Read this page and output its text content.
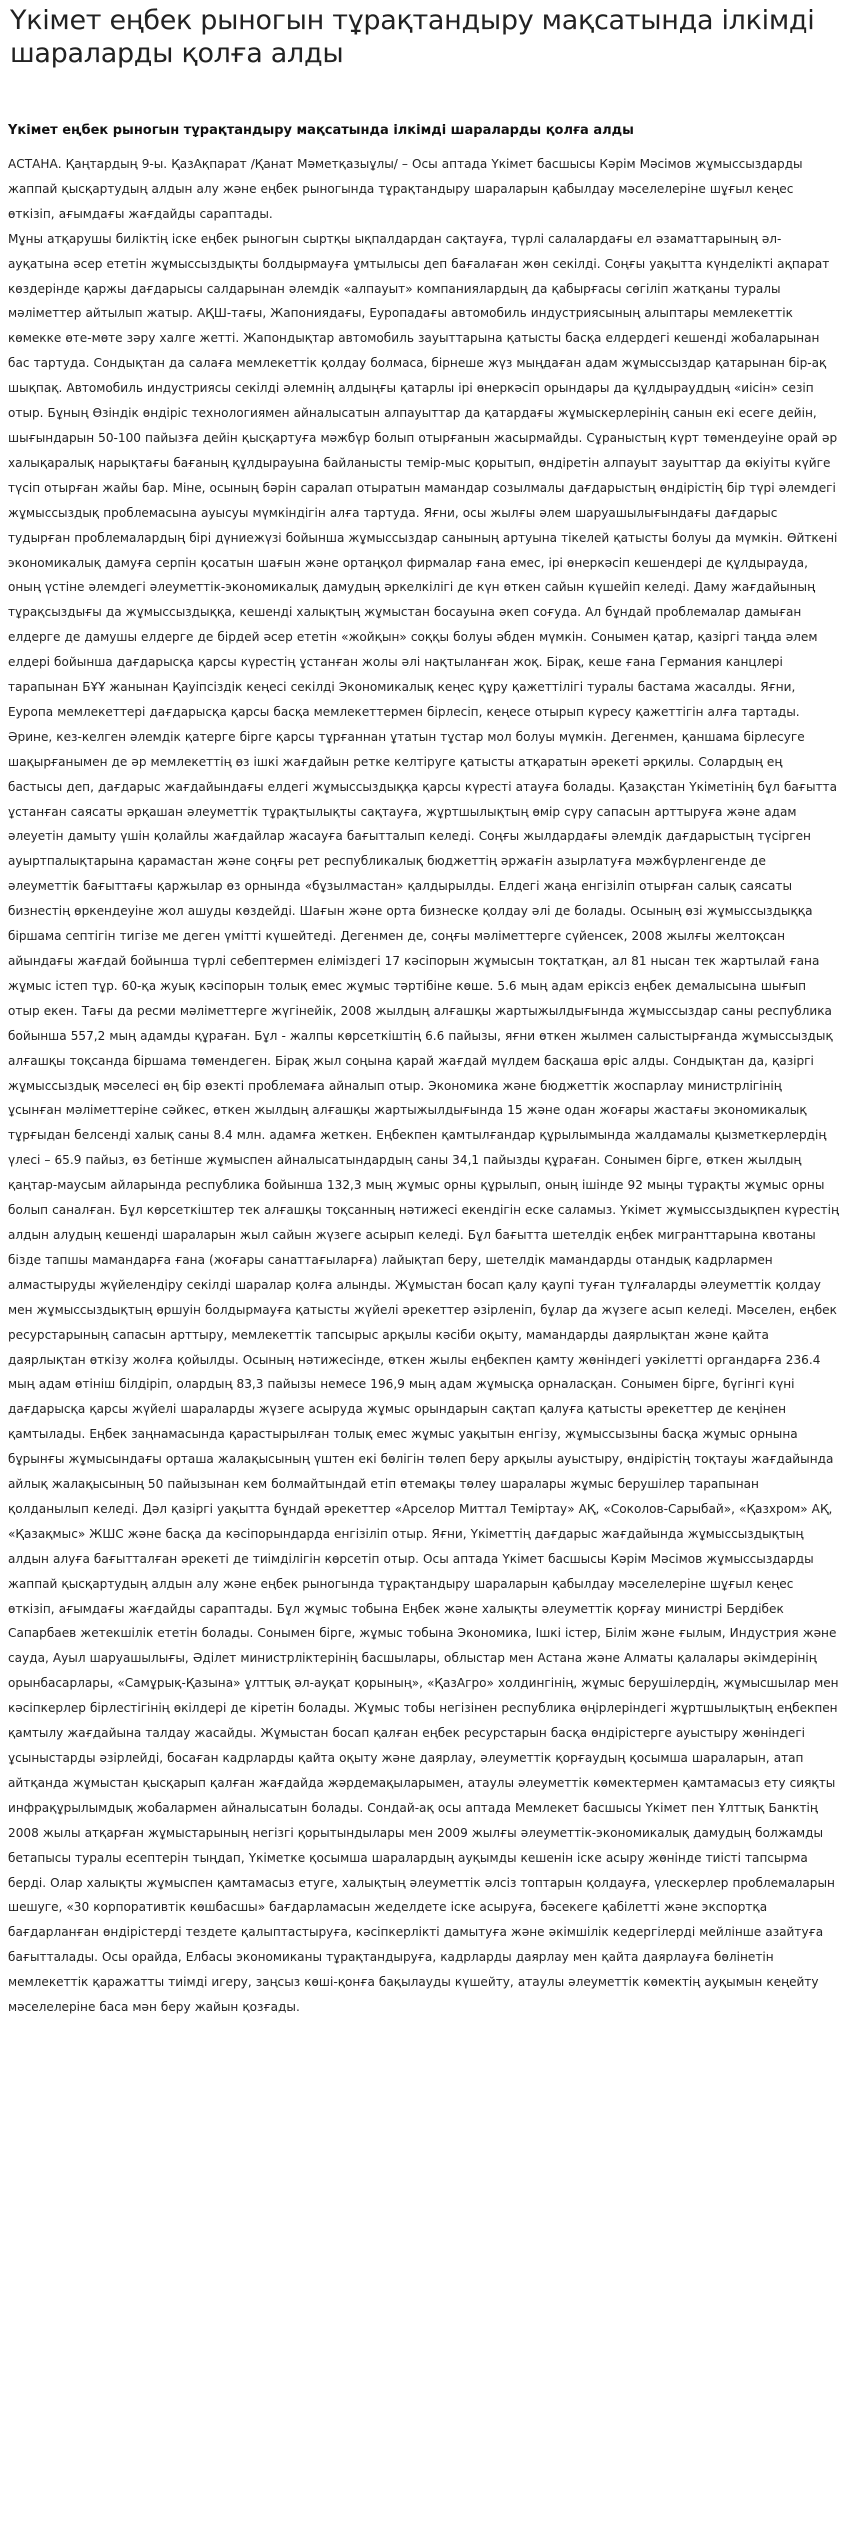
Үкімет еңбек рыногын тұрақтандыру мақсатында ілкімді шараларды қолға алды
Үкімет еңбек рыногын тұрақтандыру мақсатында ілкімді шараларды қолға алды

АСТАНА. Қаңтардың 9-ы. ҚазАқпарат /Қанат Мәметқазыұлы/ – Осы аптада Үкімет басшысы Кәрім Мәсімов жұмыссыздарды жаппай қысқартудың алдын алу және еңбек рыногында тұрақтандыру шараларын қабылдау мәселелеріне шұғыл кеңес өткізіп, ағымдағы жағдайды сараптады.

Мұны атқарушы биліктің іске еңбек рыногын сыртқы ықпалдардан сақтауға, түрлі салалардағы ел әзаматтарының әл-ауқатына әсер ететін жұмыссыздықты болдырмауға ұмтылысы деп бағалаған жөн секілді. Соңғы уақытта күнделікті ақпарат көздерінде қаржы дағдарысы салдарынан әлемдік «алпауыт» компаниялардың да қабырғасы сөгіліп жатқаны туралы мәліметтер айтылып жатыр. АҚШ-тағы, Жапониядағы, Еуропадағы автомобиль индустриясының алыптары мемлекеттік көмекке өте-мөте зәру халге жетті. Жапондықтар автомобиль зауыттарына қатысты басқа елдердегі кешенді жобаларынан бас тартуда. Сондықтан да салаға мемлекеттік қолдау болмаса, бірнеше жүз мыңдаған адам жұмыссыздар қатарынан бір-ақ шықпақ. Автомобиль индустриясы секілді әлемнің алдыңғы қатарлы ірі өнеркәсіп орындары да құлдырауддың «иісін» сезіп отыр. Бұның Өзіндік өндіріс технологиямен айналысатын алпауыттар да қатардағы жұмыскерлерінің санын екі есеге дейін, шығындарын 50-100 пайызға дейін қысқартуға мәжбүр болып отырғанын жасырмайды. Сұраныстың күрт төмендеуіне орай әр халықаралық нарықтағы бағаның құлдырауына байланысты темір-мыс қорытып, өндіретін алпауыт зауыттар да өкіуіты күйге түсіп отырған жайы бар. Міне, осының бәрін саралап отыратын мамандар созылмалы дағдарыстың өндірістің бір түрі әлемдегі жұмыссыздық проблемасына ауысуы мүмкіндігін алға тартуда. Яғни, осы жылғы әлем шаруашылығындағы дағдарыс тудырған проблемалардың бірі дүниежүзі бойынша жұмыссыздар санының артуына тікелей қатысты болуы да мүмкін. Өйткені экономикалық дамуға серпін қосатын шағын және ортаңқол фирмалар ғана емес, ірі өнеркәсіп кешендері де құлдырауда, оның үстіне әлемдегі әлеуметтік-экономикалық дамудың әркелкілігі де күн өткен сайын күшейіп келеді. Даму жағдайының тұрақсыздығы да жұмыссыздыққа, кешенді халықтың жұмыстан босауына әкеп соғуда. Ал бұндай проблемалар дамыған елдерге де дамушы елдерге де бірдей әсер ететін «жойқын» соққы болуы әбден мүмкін. Сонымен қатар, қазіргі таңда әлем елдері бойынша дағдарысқа қарсы күрестің ұстанған жолы әлі нақтыланған жоқ. Бірақ, кеше ғана Германия канцлері тарапынан БҰҰ жанынан Қауіпсіздік кеңесі секілді Экономикалық кеңес құру қажеттілігі туралы бастама жасалды. Яғни, Еуропа мемлекеттері дағдарысқа қарсы басқа мемлекеттермен бірлесіп, кеңесе отырып күресу қажеттігін алға тартады. Әрине, кез-келген әлемдік қатерге бірге қарсы тұрғаннан ұтатын тұстар мол болуы мүмкін. Дегенмен, қаншама бірлесуге шақырғанымен де әр мемлекеттің өз ішкі жағдайын ретке келтіруге қатысты атқаратын әрекеті әрқилы. Солардың ең бастысы деп, дағдарыс жағдайындағы елдегі жұмыссыздыққа қарсы күресті атауға болады. Қазақстан Үкіметінің бұл бағытта ұстанған саясаты әрқашан әлеуметтік тұрақтылықты сақтауға, жұртшылықтың өмір сүру сапасын арттыруға және адам әлеуетін дамыту үшін қолайлы жағдайлар жасауға бағытталып келеді. Соңғы жылдардағы әлемдік дағдарыстың түсірген ауыртпалықтарына қарамастан және соңғы рет республикалық бюджеттің әржағін азырлатуға мәжбүрленгенде де әлеуметтік бағыттағы қаржылар өз орнында «бұзылмастан» қалдырылды. Елдегі жаңа енгізіліп отырған салық саясаты бизнестің өркендеуіне жол ашуды көздейді. Шағын және орта бизнеске қолдау әлі де болады. Осының өзі жұмыссыздыққа біршама септігін тигізе ме деген үмітті күшейтеді. Дегенмен де, соңғы мәліметтерге сүйенсек, 2008 жылғы желтоқсан айындағы жағдай бойынша түрлі себептермен еліміздегі 17 кәсіпорын жұмысын тоқтатқан, ал 81 нысан тек жартылай ғана жұмыс істеп тұр. 60-қа жуық кәсіпорын толық емес жұмыс тәртібіне көше. 5.6 мың адам еріксіз еңбек демалысына шығып отыр екен. Тағы да ресми мәліметтерге жүгінейік, 2008 жылдың алғашқы жартыжылдығында жұмыссыздар саны республика бойынша 557,2 мың адамды құраған. Бұл - жалпы көрсеткіштің 6.6 пайызы, яғни өткен жылмен салыстырғанда жұмыссыздық алғашқы тоқсанда біршама төмендеген. Бірақ жыл соңына қарай жағдай мүлдем басқаша өріс алды. Сондықтан да, қазіргі жұмыссыздық мәселесі өң бір өзекті проблемаға айналып отыр. Экономика және бюджеттік жоспарлау министрлігінің ұсынған мәліметтеріне сәйкес, өткен жылдың алғашқы жартыжылдығында 15 және одан жоғары жастағы экономикалық тұрғыдан белсенді халық саны 8.4 млн. адамға жеткен. Еңбекпен қамтылғандар құрылымында жалдамалы қызметкерлердің үлесі – 65.9 пайыз, өз бетінше жұмыспен айналысатындардың саны 34,1 пайызды құраған. Сонымен бірге, өткен жылдың қаңтар-маусым айларында республика бойынша 132,3 мың жұмыс орны құрылып, оның ішінде 92 мыңы тұрақты жұмыс орны болып саналған. Бұл көрсеткіштер тек алғашқы тоқсанның нәтижесі екендігін еске саламыз. Үкімет жұмыссыздықпен күрестің алдын алудың кешенді шараларын жыл сайын жүзеге асырып келеді. Бұл бағытта шетелдік еңбек мигранттарына квотаны бізде тапшы мамандарға ғана (жоғары санаттағыларға) лайықтап беру, шетелдік мамандарды отандық кадрлармен алмастыруды жүйелендіру секілді шаралар қолға алынды. Жұмыстан босап қалу қаупі туған тұлғаларды әлеуметтік қолдау мен жұмыссыздықтың өршуін болдырмауға қатысты жүйелі әрекеттер әзірленіп, бұлар да жүзеге асып келеді. Мәселен, еңбек ресурстарының сапасын арттыру, мемлекеттік тапсырыс арқылы кәсіби оқыту, мамандарды даярлықтан және қайта даярлықтан өткізу жолға қойылды. Осының нәтижесінде, өткен жылы еңбекпен қамту жөніндегі уәкілетті органдарға 236.4 мың адам өтініш білдіріп, олардың 83,3 пайызы немесе 196,9 мың адам жұмысқа орналасқан. Сонымен бірге, бүгінгі күні дағдарысқа қарсы жүйелі шараларды жүзеге асыруда жұмыс орындарын сақтап қалуға қатысты әрекеттер де кеңінен қамтылады. Еңбек заңнамасында қарастырылған толық емес жұмыс уақытын енгізу, жұмыссызыны басқа жұмыс орнына бұрынғы жұмысындағы орташа жалақысының үштен екі бөлігін төлеп беру арқылы ауыстыру, өндірістің тоқтауы жағдайында айлық жалақысының 50 пайызынан кем болмайтындай етіп өтемақы төлеу шаралары жұмыс берушілер тарапынан қолданылып келеді. Дәл қазіргі уақытта бұндай әрекеттер «Арселор Миттал Теміртау» АҚ, «Соколов-Сарыбай», «Қазхром» АҚ, «Қазақмыс» ЖШС және басқа да кәсіпорындарда енгізіліп отыр. Яғни, Үкіметтің дағдарыс жағдайында жұмыссыздықтың алдын алуға бағытталған әрекеті де тиімділігін көрсетіп отыр. Осы аптада Үкімет басшысы Кәрім Мәсімов жұмыссыздарды жаппай қысқартудың алдын алу және еңбек рыногында тұрақтандыру шараларын қабылдау мәселелеріне шұғыл кеңес өткізіп, ағымдағы жағдайды сараптады. Бұл жұмыс тобына Еңбек және халықты әлеуметтік қорғау министрі Бердібек Сапарбаев жетекшілік ететін болады. Сонымен бірге, жұмыс тобына Экономика, Ішкі істер, Білім және ғылым, Индустрия және сауда, Ауыл шаруашылығы, Әділет министрліктерінің басшылары, облыстар мен Астана және Алматы қалалары әкімдерінің орынбасарлары, «Самұрық-Қазына» ұлттық әл-ауқат қорының», «ҚазАгро» холдингінің, жұмыс берушілердің, жұмысшылар мен кәсіпкерлер бірлестігінің өкілдері де кіретін болады. Жұмыс тобы негізінен республика өңірлеріндегі жұртшылықтың еңбекпен қамтылу жағдайына талдау жасайды. Жұмыстан босап қалған еңбек ресурстарын басқа өндірістерге ауыстыру жөніндегі ұсыныстарды әзірлейді, босаған кадрларды қайта оқыту және даярлау, әлеуметтік қорғаудың қосымша шараларын, атап айтқанда жұмыстан қысқарып қалған жағдайда жәрдемақыларымен, атаулы әлеуметтік көмектермен қамтамасыз ету сияқты инфрақұрылымдық жобалармен айналысатын болады. Сондай-ақ осы аптада Мемлекет басшысы Үкімет пен Ұлттық Банктің 2008 жылы атқарған жұмыстарының негізгі қорытындылары мен 2009 жылғы әлеуметтік-экономикалық дамудың болжамды бетапысы туралы есептерін тыңдап, Үкіметке қосымша шаралардың ауқымды кешенін іске асыру жөнінде тиісті тапсырма берді. Олар халықты жұмыспен қамтамасыз етуге, халықтың әлеуметтік әлсіз топтарын қолдауға, үлескерлер проблемаларын шешуге, «30 корпоративтік көшбасшы» бағдарламасын жеделдете іске асыруға, бәсекеге қабілетті және экспортқа бағдарланған өндірістерді тездете қалыптастыруға, кәсіпкерлікті дамытуға және әкімшілік кедергілерді мейлінше азайтуға бағытталады. Осы орайда, Елбасы экономиканы тұрақтандыруға, кадрларды даярлау мен қайта даярлауға бөлінетін мемлекеттік қаражатты тиімді игеру, заңсыз көші-қонға бақылауды күшейту, атаулы әлеуметтік көмектің ауқымын кеңейту мәселелеріне баса мән беру жайын қозғады.
